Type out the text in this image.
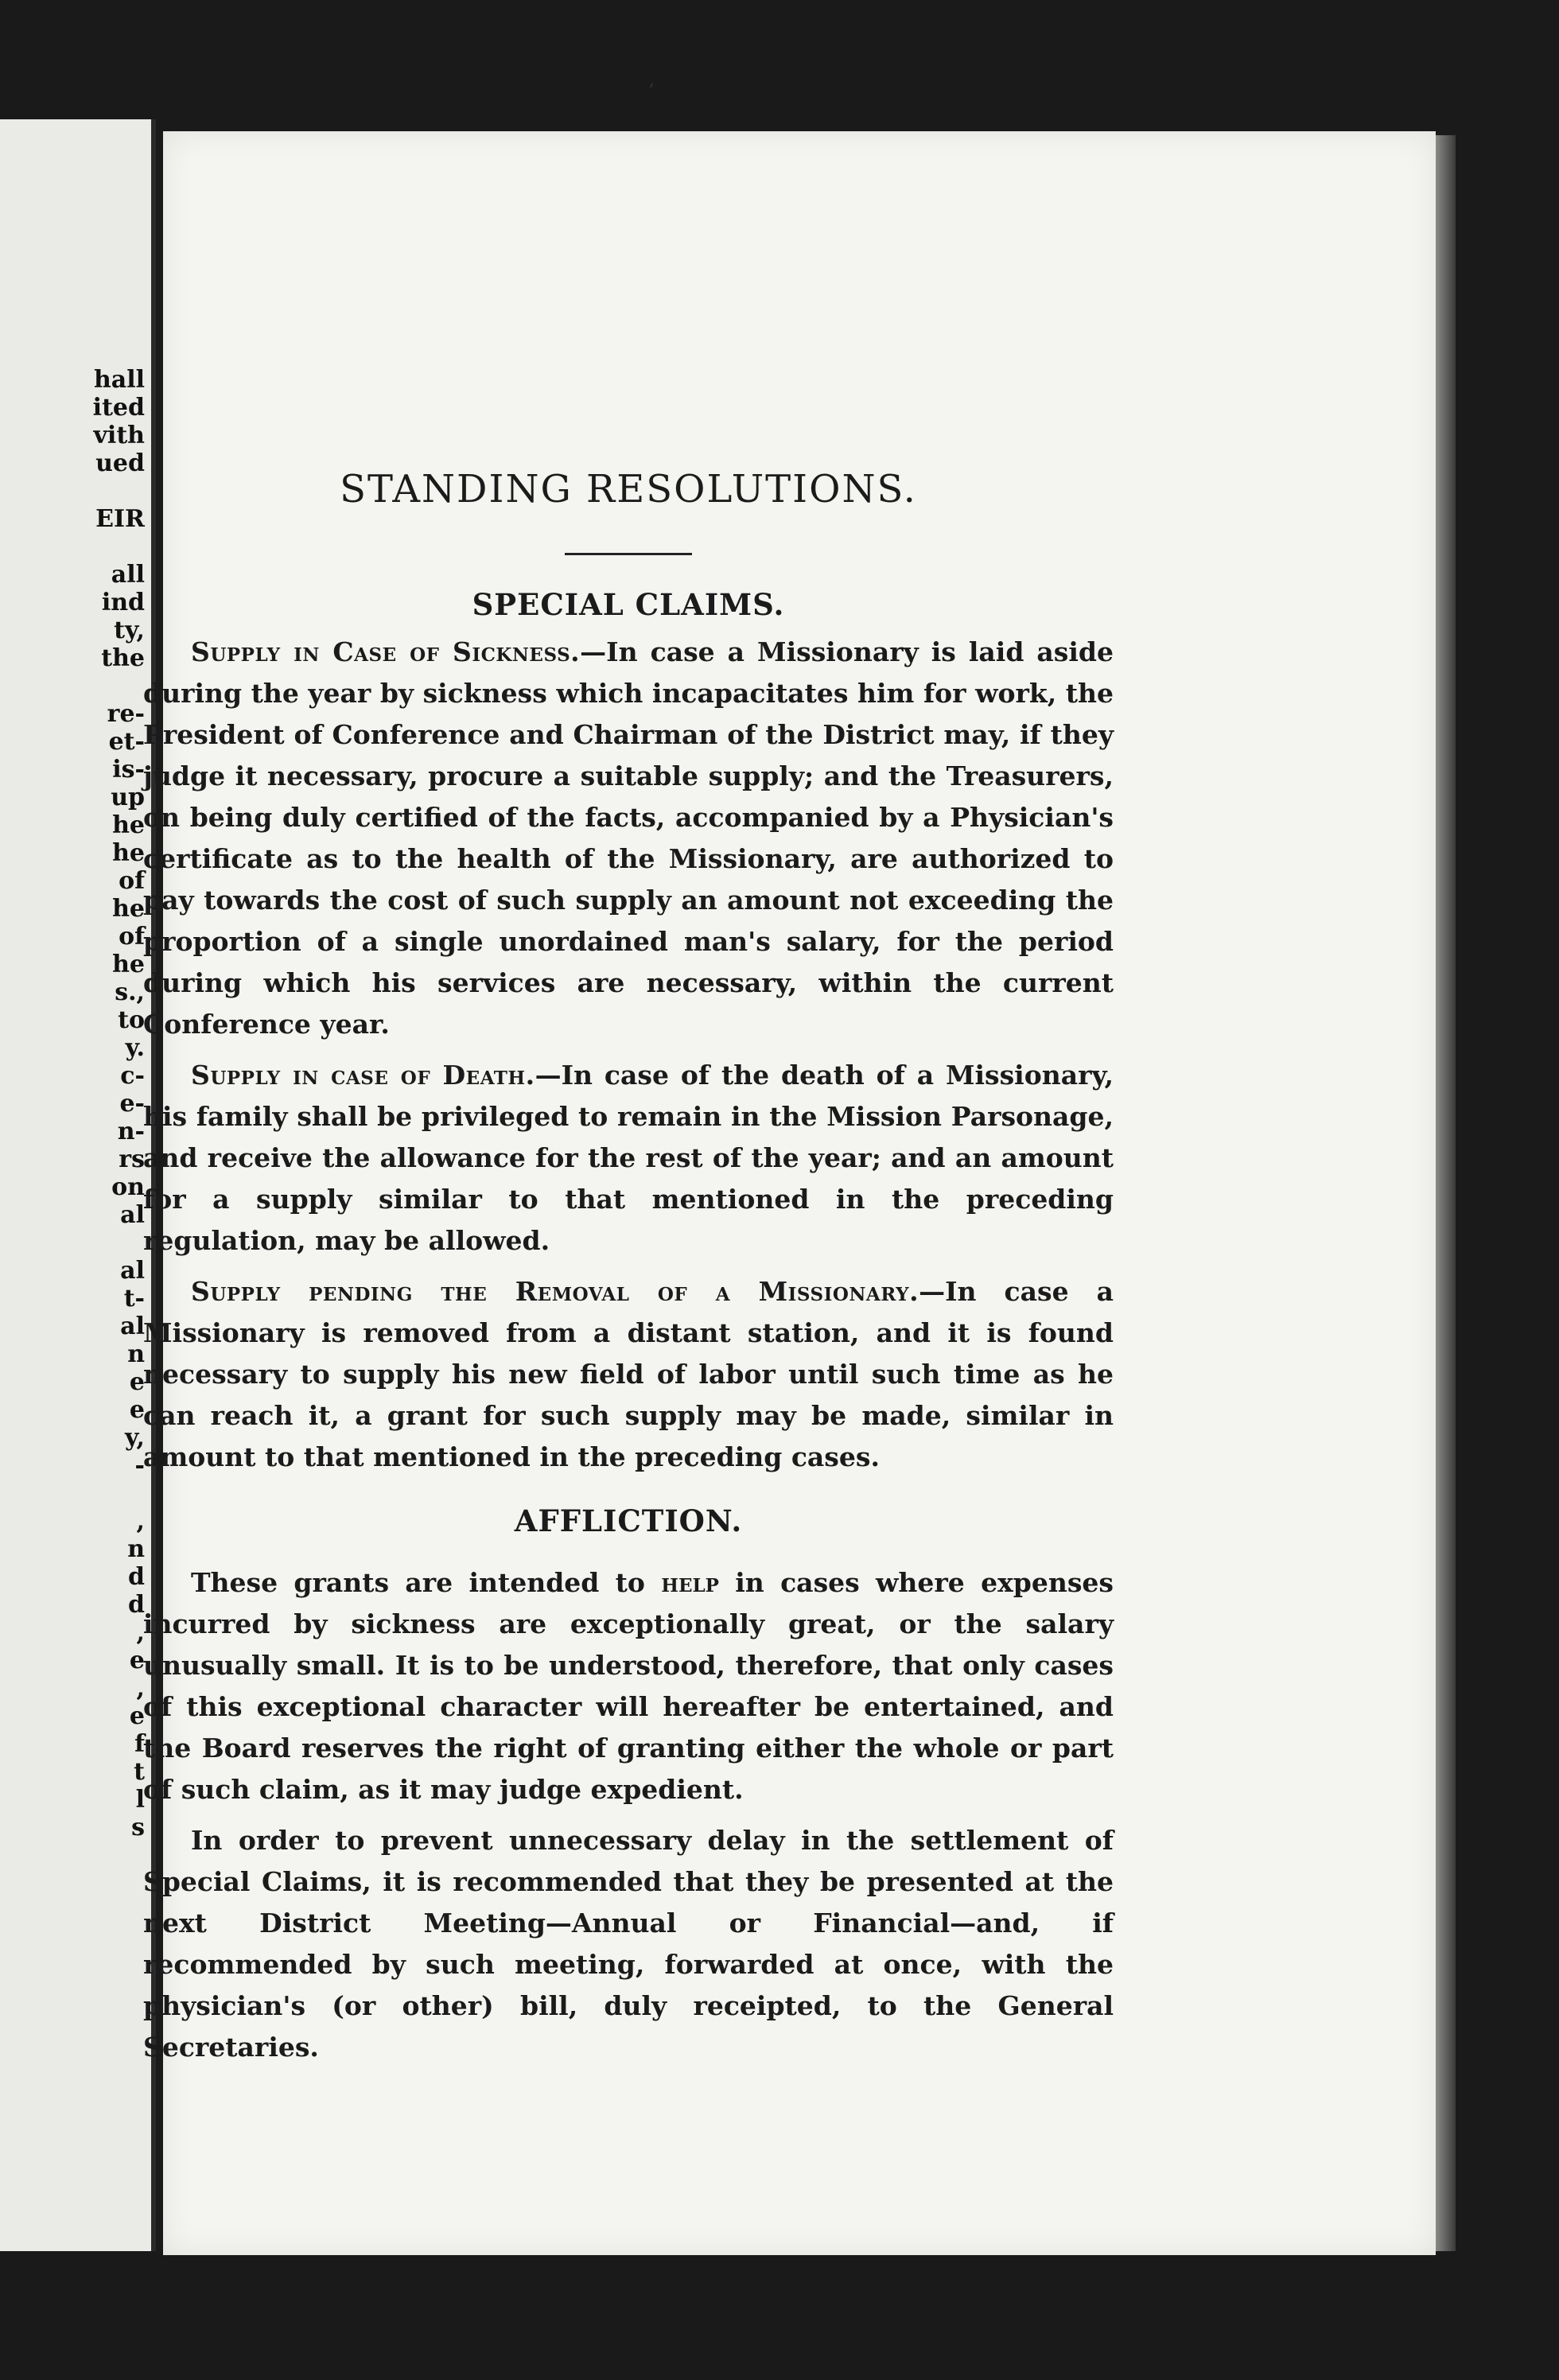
hall
ited
vith
ued
EIR
all
ind
ty,
the
re-
et-
is-
up
he
he
of
he
of
he
s.,
to
y.
c-
e-
n-
rs
on
al
al
t-
al
n
e
e
y,
-
,
n
d
d
,
e
,
e
f
t
l
s
ʻ
STANDING RESOLUTIONS.
SPECIAL CLAIMS.

Supply in Case of Sickness.—In case a Missionary is laid aside during the year by sickness which incapacitates him for work, the President of Conference and Chairman of the District may, if they judge it necessary, procure a suitable supply; and the Treasurers, on being duly certified of the facts, accompanied by a Physician's certificate as to the health of the Missionary, are authorized to pay towards the cost of such supply an amount not exceeding the proportion of a single unordained man's salary, for the period during which his services are necessary, within the current Conference year.

Supply in case of Death.—In case of the death of a Missionary, his family shall be privileged to remain in the Mission Parsonage, and receive the allowance for the rest of the year; and an amount for a supply similar to that mentioned in the preceding regulation, may be allowed.

Supply pending the Removal of a Missionary.—In case a Missionary is removed from a distant station, and it is found necessary to supply his new field of labor until such time as he can reach it, a grant for such supply may be made, similar in amount to that mentioned in the preceding cases.

AFFLICTION.

These grants are intended to help in cases where expenses incurred by sickness are exceptionally great, or the salary unusually small. It is to be understood, therefore, that only cases of this exceptional character will hereafter be entertained, and the Board reserves the right of granting either the whole or part of such claim, as it may judge expedient.

In order to prevent unnecessary delay in the settlement of Special Claims, it is recommended that they be presented at the next District Meeting—Annual or Financial—and, if recommended by such meeting, forwarded at once, with the physician's (or other) bill, duly receipted, to the General Secretaries.
